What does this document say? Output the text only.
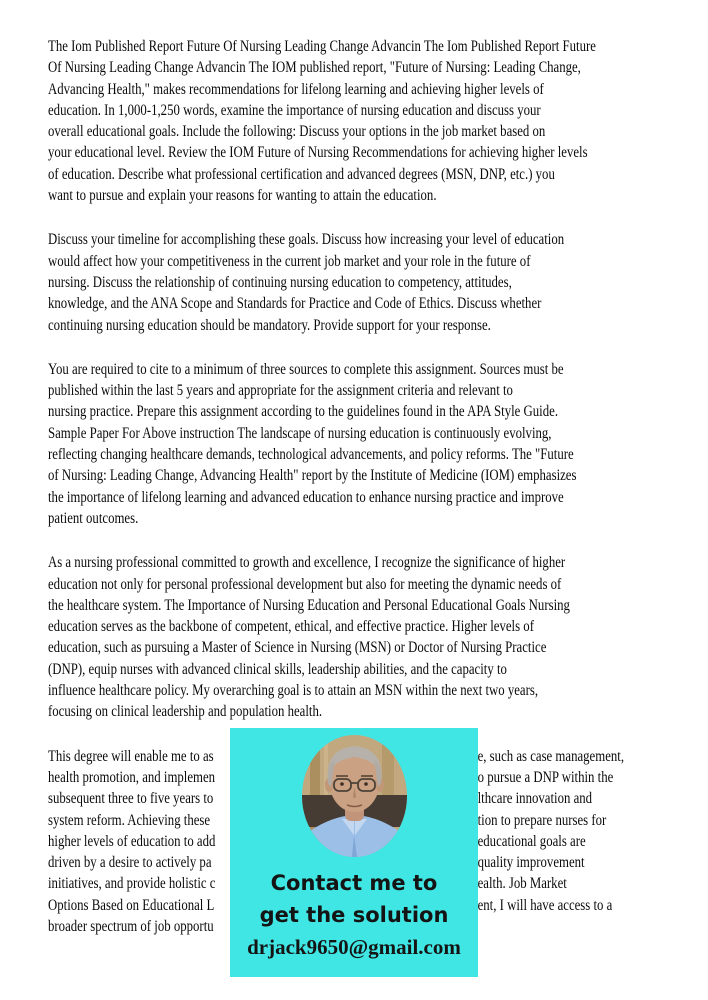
The Iom Published Report Future Of Nursing Leading Change Advancin The Iom Published Report Future
Of Nursing Leading Change Advancin The IOM published report, "Future of Nursing: Leading Change,
Advancing Health," makes recommendations for lifelong learning and achieving higher levels of
education. In 1,000-1,250 words, examine the importance of nursing education and discuss your
overall educational goals. Include the following: Discuss your options in the job market based on
your educational level. Review the IOM Future of Nursing Recommendations for achieving higher levels
of education. Describe what professional certification and advanced degrees (MSN, DNP, etc.) you
want to pursue and explain your reasons for wanting to attain the education.
Discuss your timeline for accomplishing these goals. Discuss how increasing your level of education
would affect how your competitiveness in the current job market and your role in the future of
nursing. Discuss the relationship of continuing nursing education to competency, attitudes,
knowledge, and the ANA Scope and Standards for Practice and Code of Ethics. Discuss whether
continuing nursing education should be mandatory. Provide support for your response.
You are required to cite to a minimum of three sources to complete this assignment. Sources must be
published within the last 5 years and appropriate for the assignment criteria and relevant to
nursing practice. Prepare this assignment according to the guidelines found in the APA Style Guide.
Sample Paper For Above instruction The landscape of nursing education is continuously evolving,
reflecting changing healthcare demands, technological advancements, and policy reforms. The "Future
of Nursing: Leading Change, Advancing Health" report by the Institute of Medicine (IOM) emphasizes
the importance of lifelong learning and advanced education to enhance nursing practice and improve
patient outcomes.
As a nursing professional committed to growth and excellence, I recognize the significance of higher
education not only for personal professional development but also for meeting the dynamic needs of
the healthcare system. The Importance of Nursing Education and Personal Educational Goals Nursing
education serves as the backbone of competent, ethical, and effective practice. Higher levels of
education, such as pursuing a Master of Science in Nursing (MSN) or Doctor of Nursing Practice
(DNP), equip nurses with advanced clinical skills, leadership abilities, and the capacity to
influence healthcare policy. My overarching goal is to attain an MSN within the next two years,
focusing on clinical leadership and population health.
This degree will enable me to as	e, such as case management,
health promotion, and implemen	o pursue a DNP within the
subsequent three to five years to	lthcare innovation and
system reform. Achieving these	tion to prepare nurses for
higher levels of education to add	educational goals are
driven by a desire to actively pa	quality improvement
initiatives, and provide holistic c	ealth. Job Market
Options Based on Educational L	ent, I will have access to a
broader spectrum of job opportu
Contact me to
get the solution
drjack9650@gmail.com
